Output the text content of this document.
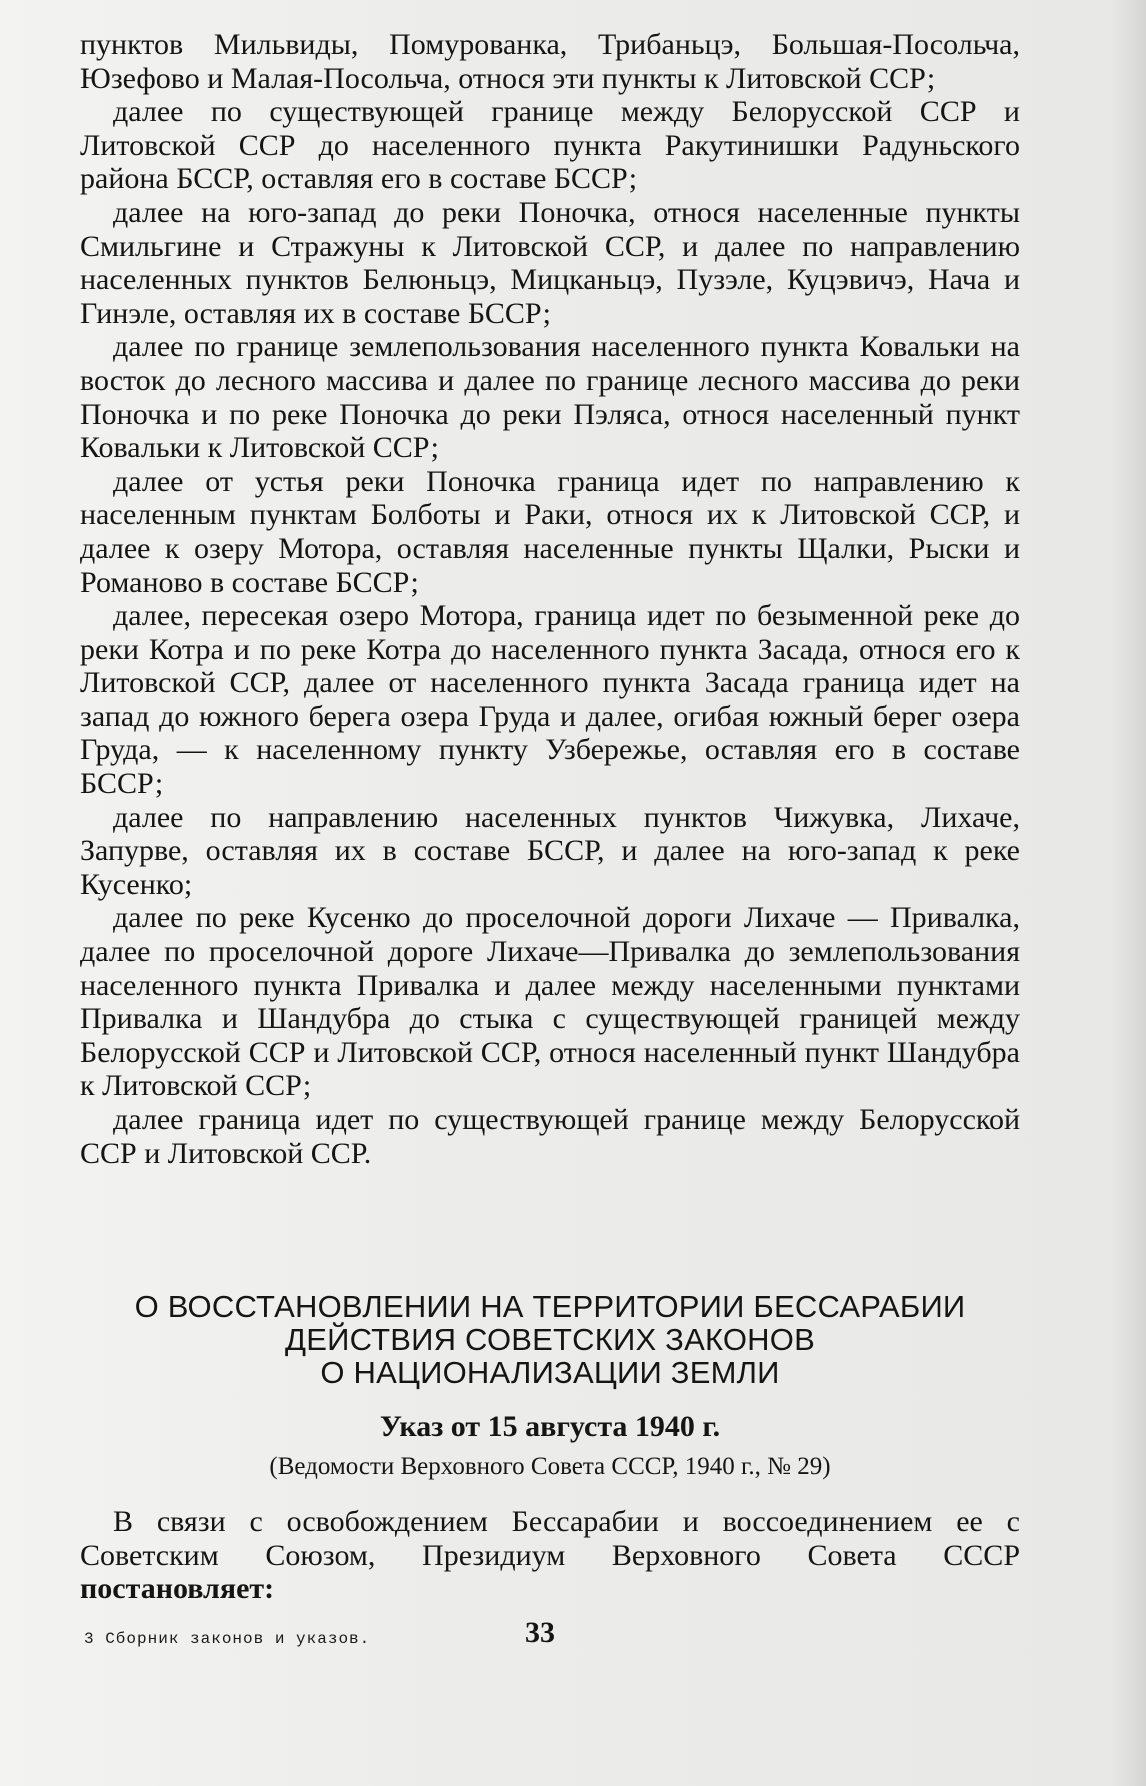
пунктов Мильвиды, Помурованка, Трибаньцэ, Большая-Посольча, Юзефово и Малая-Посольча, относя эти пункты к Литовской ССР;

далее по существующей границе между Белорусской ССР и Литовской ССР до населенного пункта Ракутинишки Радуньского района БССР, оставляя его в составе БССР;

далее на юго-запад до реки Поночка, относя населенные пункты Смильгине и Стражуны к Литовской ССР, и далее по направлению населенных пунктов Белюньцэ, Мицканьцэ, Пузэле, Куцэвичэ, Нача и Гинэле, оставляя их в составе БССР;

далее по границе землепользования населенного пункта Ковальки на восток до лесного массива и далее по границе лесного массива до реки Поночка и по реке Поночка до реки Пэляса, относя населенный пункт Ковальки к Литовской ССР;

далее от устья реки Поночка граница идет по направлению к населенным пунктам Болботы и Раки, относя их к Литовской ССР, и далее к озеру Мотора, оставляя населенные пункты Щалки, Рыски и Романово в составе БССР;

далее, пересекая озеро Мотора, граница идет по безыменной реке до реки Котра и по реке Котра до населенного пункта Засада, относя его к Литовской ССР, далее от населенного пункта Засада граница идет на запад до южного берега озера Груда и далее, огибая южный берег озера Груда, — к населенному пункту Узбережье, оставляя его в составе БССР;

далее по направлению населенных пунктов Чижувка, Лихаче, Запурве, оставляя их в составе БССР, и далее на юго-запад к реке Кусенко;

далее по реке Кусенко до проселочной дороги Лихаче — Привалка, далее по проселочной дороге Лихаче—Привалка до землепользования населенного пункта Привалка и далее между населенными пунктами Привалка и Шандубра до стыка с существующей границей между Белорусской ССР и Литовской ССР, относя населенный пункт Шандубра к Литовской ССР;

далее граница идет по существующей границе между Белорусской ССР и Литовской ССР.

О ВОССТАНОВЛЕНИИ НА ТЕРРИТОРИИ БЕССАРАБИИ
ДЕЙСТВИЯ СОВЕТСКИХ ЗАКОНОВ
О НАЦИОНАЛИЗАЦИИ ЗЕМЛИ
Указ от 15 августа 1940 г.
(Ведомости Верховного Совета СССР, 1940 г., № 29)

В связи с освобождением Бессарабии и воссоединением ее с Советским Союзом, Президиум Верховного Совета СССР постановляет:

3 Сборник законов и указов.	33
